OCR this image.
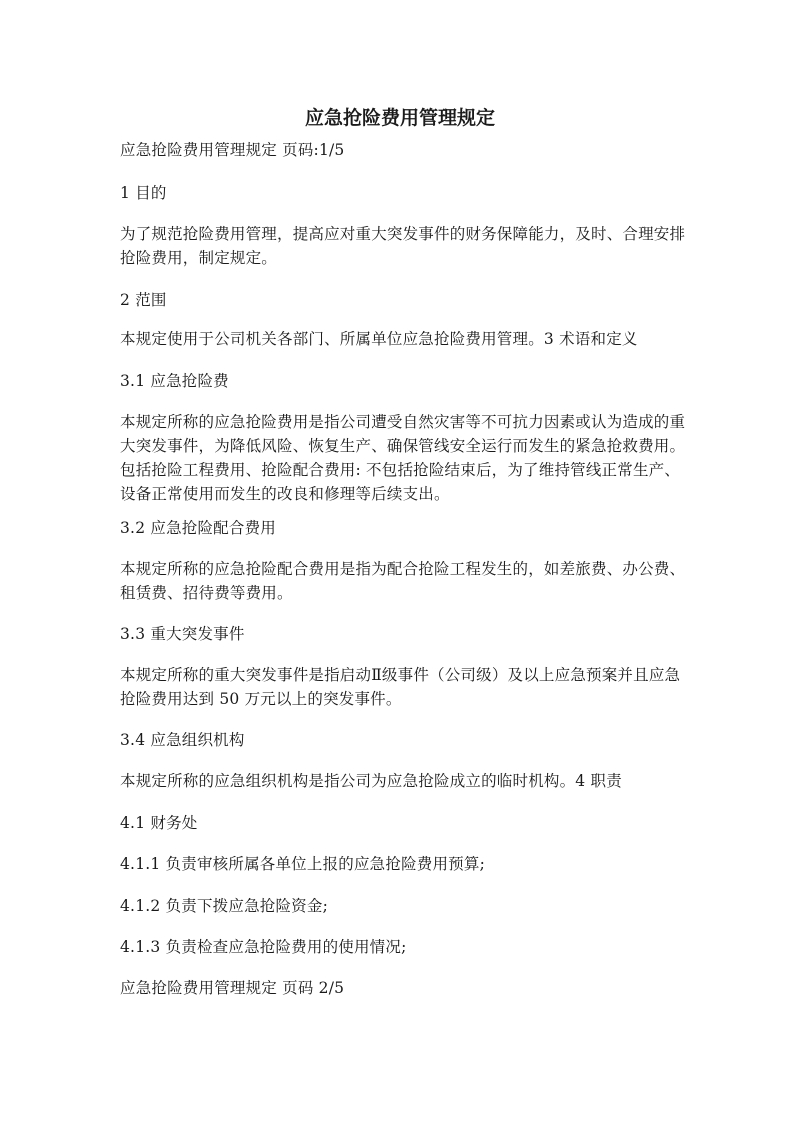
应急抢险费用管理规定

应急抢险费用管理规定 页码:1/5

1 目的

为了规范抢险费用管理，提高应对重大突发事件的财务保障能力，及时、合理安排抢险费用，制定规定。

2 范围

本规定使用于公司机关各部门、所属单位应急抢险费用管理。3 术语和定义

3.1 应急抢险费

本规定所称的应急抢险费用是指公司遭受自然灾害等不可抗力因素或认为造成的重大突发事件，为降低风险、恢复生产、确保管线安全运行而发生的紧急抢救费用。包括抢险工程费用、抢险配合费用: 不包括抢险结束后，为了维持管线正常生产、设备正常使用而发生的改良和修理等后续支出。

3.2 应急抢险配合费用

本规定所称的应急抢险配合费用是指为配合抢险工程发生的，如差旅费、办公费、租赁费、招待费等费用。

3.3 重大突发事件

本规定所称的重大突发事件是指启动Ⅱ级事件（公司级）及以上应急预案并且应急抢险费用达到 50 万元以上的突发事件。

3.4 应急组织机构

本规定所称的应急组织机构是指公司为应急抢险成立的临时机构。4 职责

4.1 财务处

4.1.1 负责审核所属各单位上报的应急抢险费用预算;

4.1.2 负责下拨应急抢险资金;

4.1.3 负责检查应急抢险费用的使用情况;

应急抢险费用管理规定 页码 2/5
